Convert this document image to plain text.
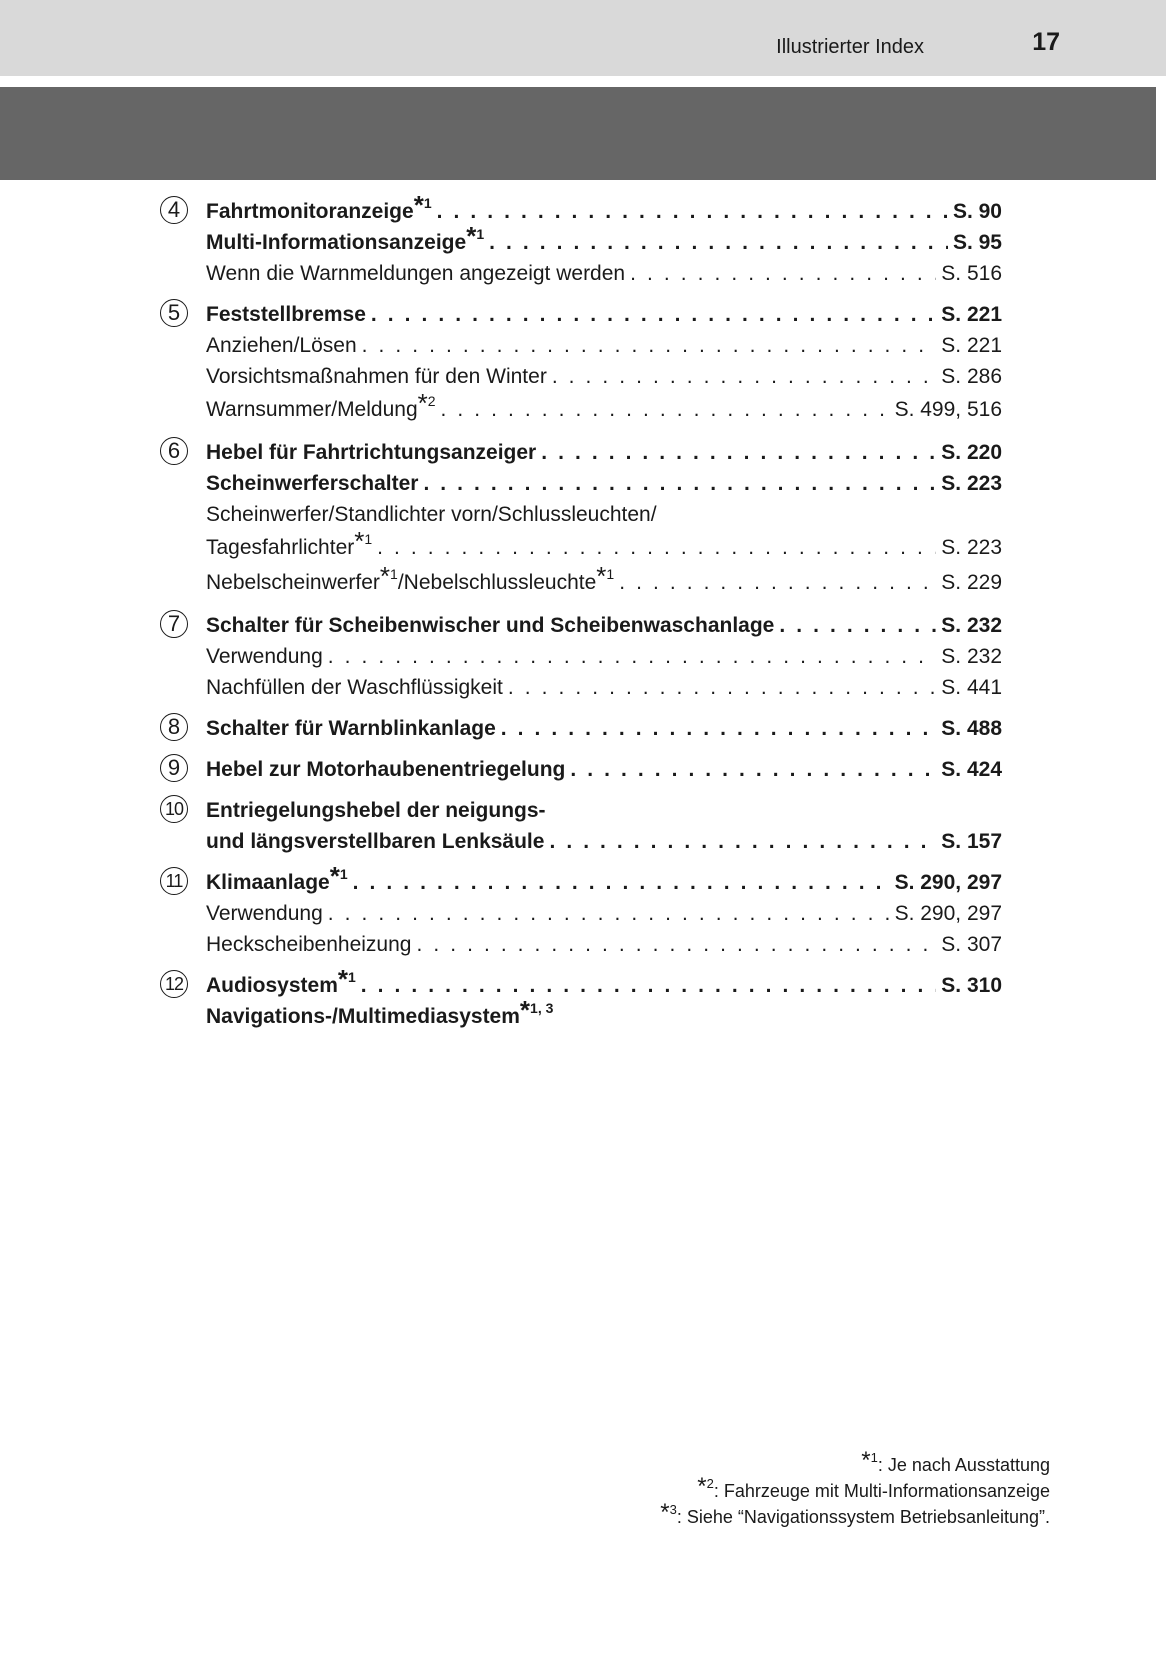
Illustrierter Index	17
4	Fahrtmonitoranzeige$^{*1}$ . . .	S. 90
Multi-Informationsanzeige$^{*1}$ . . .	S. 95
Wenn die Warnmeldungen angezeigt werden . . .	S. 516
5	Feststellbremse . . .	S. 221
Anziehen/Lösen . . .	S. 221
Vorsichtsmaßnahmen für den Winter . . .	S. 286
Warnsummer/Meldung$^{*2}$ . . .	S. 499, 516
6	Hebel für Fahrtrichtungsanzeiger . . .	S. 220
Scheinwerferschalter . . .	S. 223
Scheinwerfer/Standlichter vorn/Schlussleuchten/
Tagesfahrlichter$^{*1}$ . . .	S. 223
Nebelscheinwerfer$^{*1}$/Nebelschlussleuchte$^{*1}$ . . .	S. 229
7	Schalter für Scheibenwischer und Scheibenwaschanlage . . .	S. 232
Verwendung . . .	S. 232
Nachfüllen der Waschflüssigkeit . . .	S. 441
8	Schalter für Warnblinkanlage . . .	S. 488
9	Hebel zur Motorhaubenentriegelung . . .	S. 424
10 Entriegelungshebel der neigungs-
und längsverstellbaren Lenksäule . . .	S. 157
11 Klimaanlage$^{*1}$ . . .	S. 290, 297
Verwendung . . .	S. 290, 297
Heckscheibenheizung . . .	S. 307
12 Audiosystem$^{*1}$ . . .	S. 310
Navigations-/Multimediasystem$^{*1, 3}$
$^{*1}$: Je nach Ausstattung
$^{*2}$: Fahrzeuge mit Multi-Informationsanzeige
$^{*3}$: Siehe “Navigationssystem Betriebsanleitung”.
